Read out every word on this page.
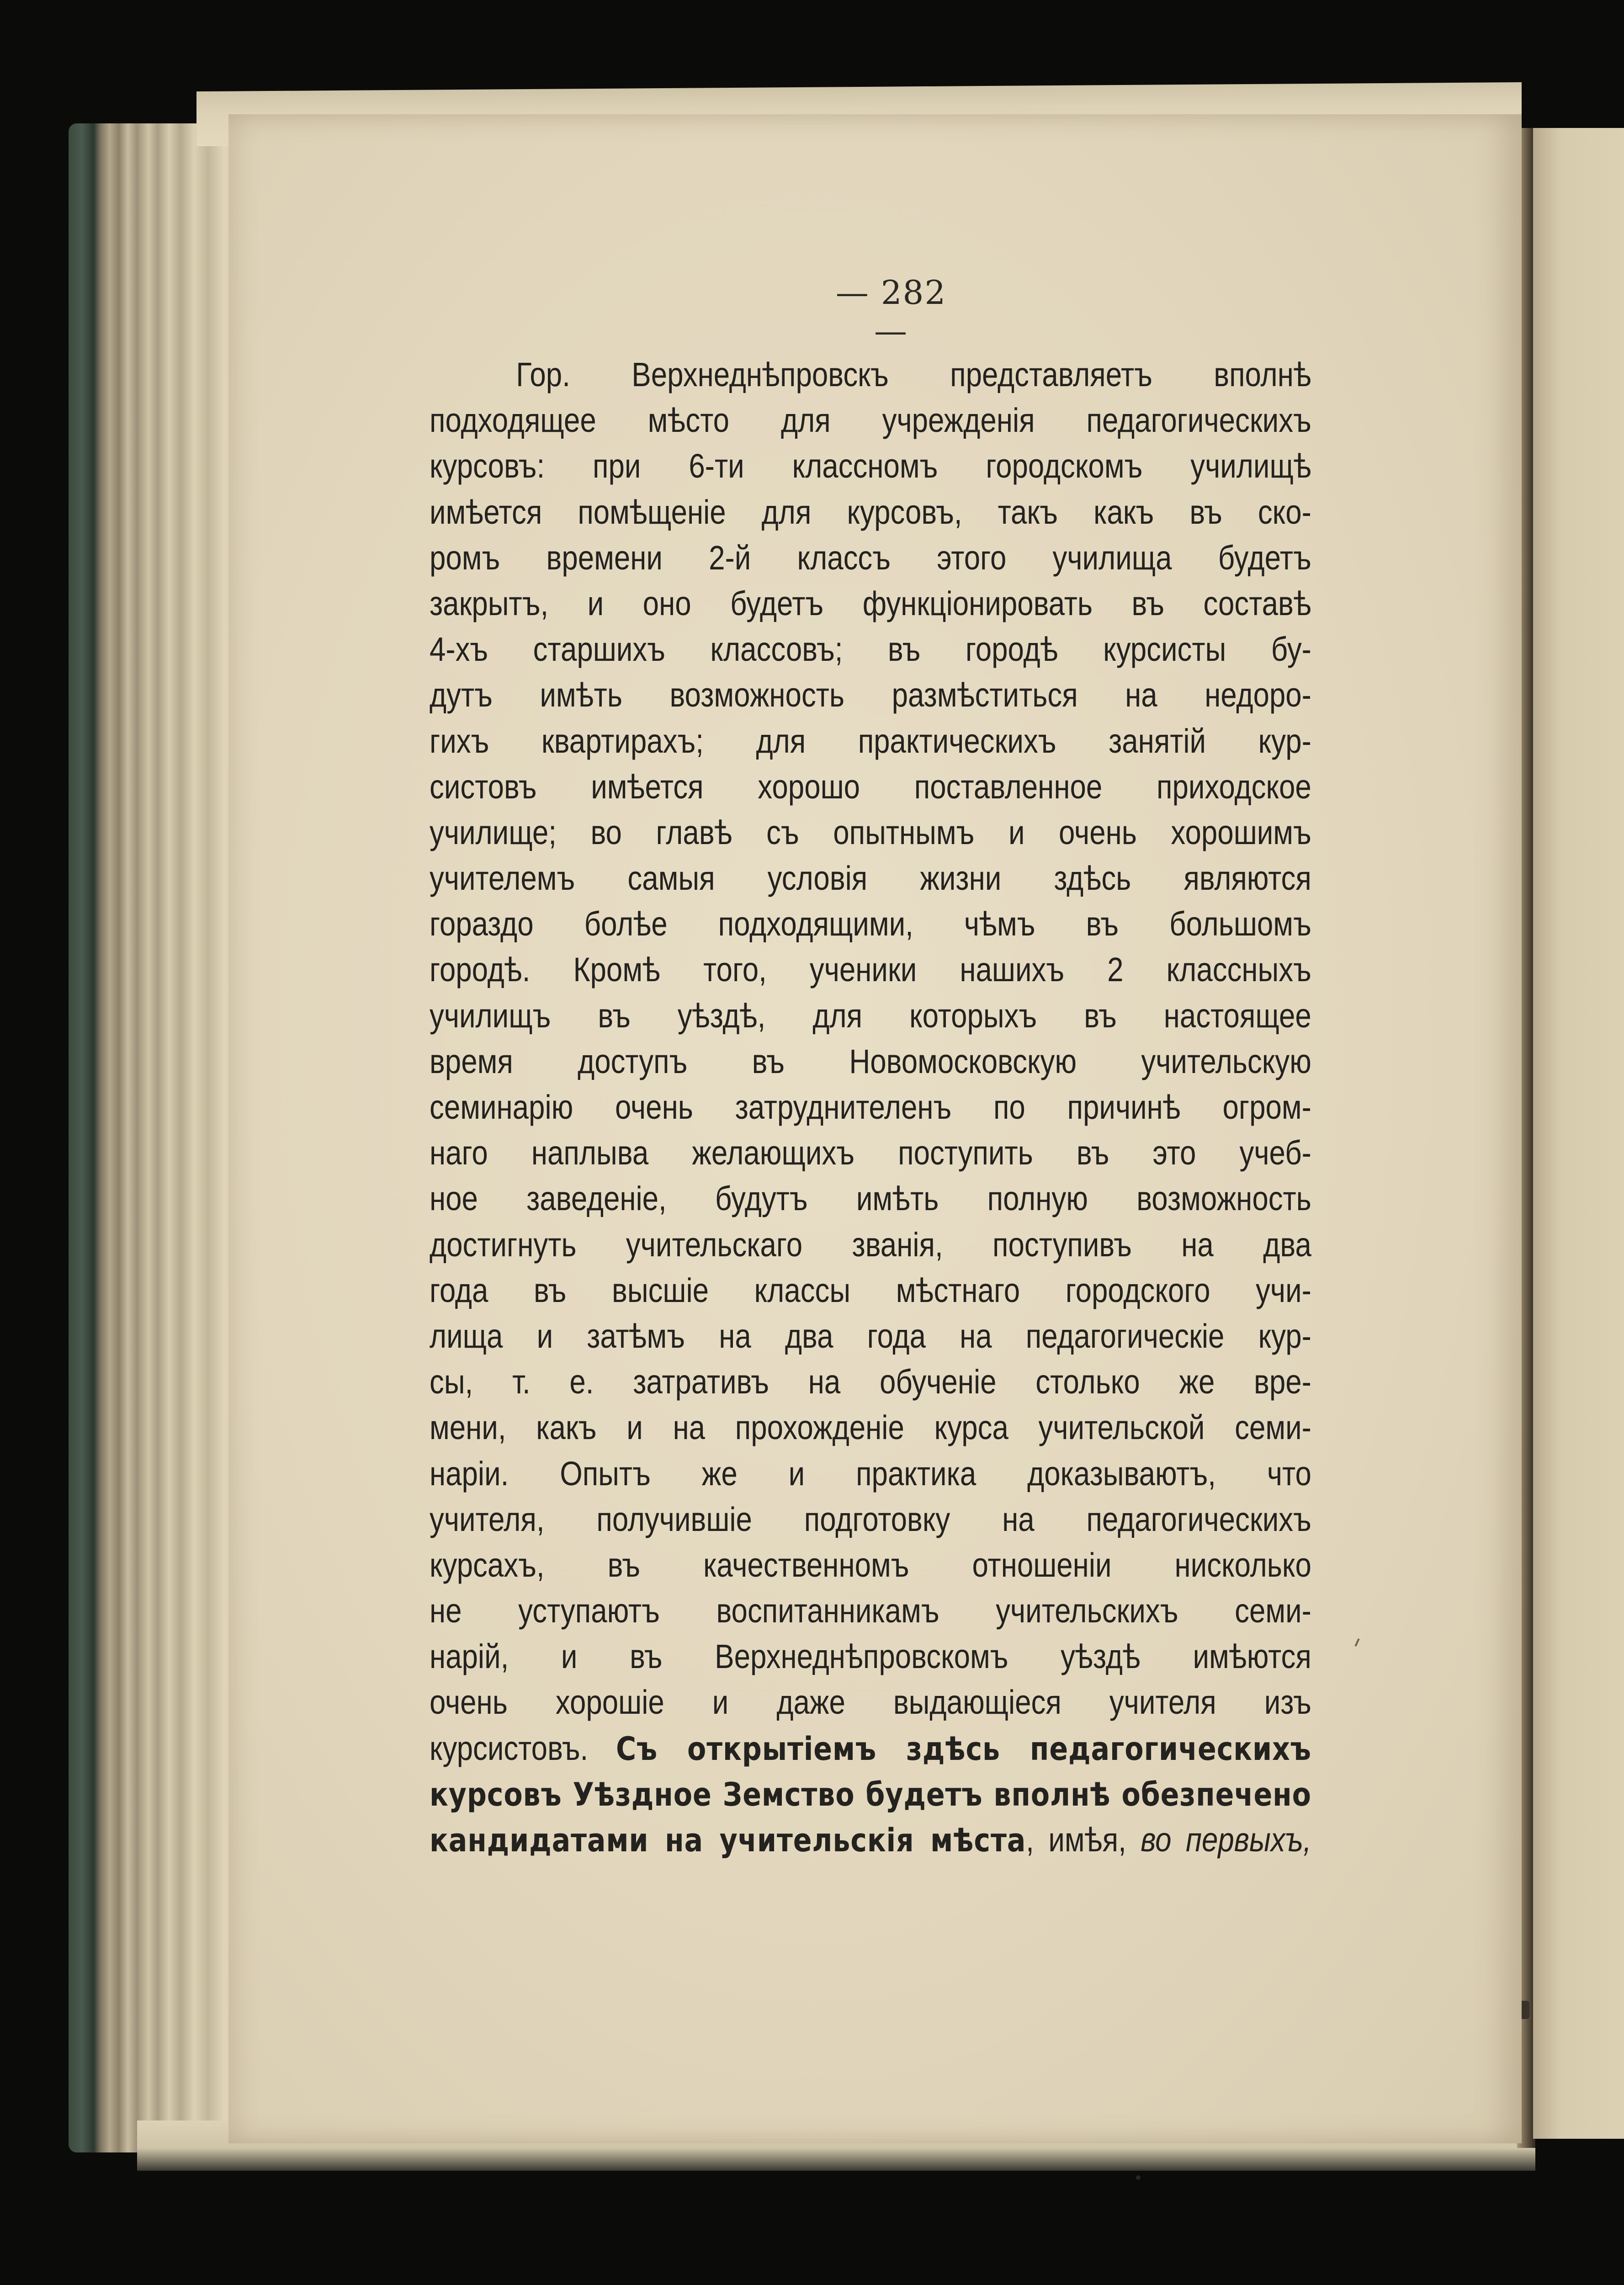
— 282 —
Гор. Верхнеднѣпровскъ представляетъ вполнѣ
подходящее мѣсто для учрежденія педагогическихъ
курсовъ: при 6-ти классномъ городскомъ училищѣ
имѣется помѣщеніе для курсовъ, такъ какъ въ ско-
ромъ времени 2-й классъ этого училища будетъ
закрытъ, и оно будетъ функціонировать въ составѣ
4-хъ старшихъ классовъ; въ городѣ курсисты бу-
дутъ имѣть возможность размѣститься на недоро-
гихъ квартирахъ; для практическихъ занятій кур-
систовъ имѣется хорошо поставленное приходское
училище; во главѣ съ опытнымъ и очень хорошимъ
учителемъ самыя условія жизни здѣсь являются
гораздо болѣе подходящими, чѣмъ въ большомъ
городѣ. Кромѣ того, ученики нашихъ 2 классныхъ
училищъ въ уѣздѣ, для которыхъ въ настоящее
время доступъ въ Новомосковскую учительскую
семинарію очень затруднителенъ по причинѣ огром-
наго наплыва желающихъ поступить въ это учеб-
ное заведеніе, будутъ имѣть полную возможность
достигнуть учительскаго званія, поступивъ на два
года въ высшіе классы мѣстнаго городского учи-
лища и затѣмъ на два года на педагогическіе кур-
сы, т. е. затративъ на обученіе столько же вре-
мени, какъ и на прохожденіе курса учительской семи-
наріи. Опытъ же и практика доказываютъ, что
учителя, получившіе подготовку на педагогическихъ
курсахъ, въ качественномъ отношеніи нисколько
не уступаютъ воспитанникамъ учительскихъ семи-
нарій, и въ Верхнеднѣпровскомъ уѣздѣ имѣются
очень хорошіе и даже выдающіеся учителя изъ
курсистовъ. Съ открытіемъ здѣсь педагогическихъ
курсовъ Уѣздное Земство будетъ вполнѣ обезпечено
кандидатами на учительскія мѣста, имѣя, во первыхъ,
